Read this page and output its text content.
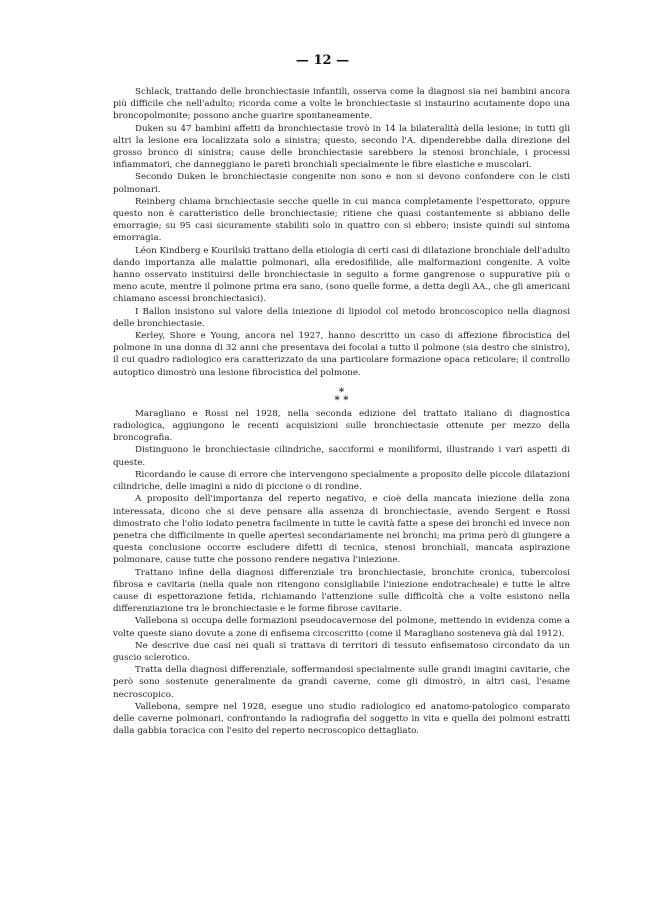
— 12 —

Schlack, trattando delle bronchiectasie infantili, osserva come la diagnosi sia nei bambini ancora più difficile che nell'adulto; ricorda come a volte le bronchiectasie si instaurino acutamente dopo una broncopolmonite; possono anche guarire spontaneamente.

Duken su 47 bambini affetti da bronchiectasie trovò in 14 la bilateralità della lesione; in tutti gli altri la lesione era localizzata solo a sinistra; questo, secondo l'A. dipenderebbe dalla direzione del grosso bronco di sinistra; cause delle bronchiectasie sarebbero la stenosi bronchiale, i processi infiammatori, che danneggiano le pareti bronchiali specialmente le fibre elastiche e muscolari.

Secondo Duken le bronchiectasie congenite non sono e non si devono confondere con le cisti polmonari.

Reinberg chiama brnchiectasie secche quelle in cui manca completamente l'espettorato, oppure questo non è caratteristico delle bronchiectasie; ritiene che quasi costantemente si abbiano delle emorragie; su 95 casi sicuramente stabiliti solo in quattro con si ebbero; insiste quindi sul sintoma emorragia.

Léon Kindberg e Kourilski trattano della etiologia di certi casi di dilatazione bronchiale dell'adulto dando importanza alle malattie polmonari, alla eredosifilide, alle malformazioni congenite. A volte hanno osservato instituirsi delle bronchiectasie in seguito a forme gangrenose o suppurative più o meno acute, mentre il polmone prima era sano, (sono quelle forme, a detta degli AA., che gli americani chiamano ascessi bronchiectasici).

I Ballon insistono sul valore della iniezione di lipiodol col metodo broncoscopico nella diagnosi delle bronchiectasie.

Kerley, Shore e Young, ancora nel 1927, hanno descritto un caso di affezione fibrocistica del polmone in una donna di 32 anni che presentava dei focolai a tutto il polmone (sia destro che sinistro), il cui quadro radiologico era caratterizzato da una particolare formazione opaca reticolare; il controllo autoptico dimostrò una lesione fibrocistica del polmone.

*
* *

Maragliano e Rossi nel 1928, nella seconda edizione del trattato italiano di diagnostica radiologica, aggiungono le recenti acquisizioni sulle bronchiectasie ottenute per mezzo della broncografia.

Distinguono le bronchiectasie cilindriche, sacciformi e moniliformi, illustrando i vari aspetti di queste.

Ricordando le cause di errore che intervengono specialmente a proposito delle piccole dilatazioni cilindriche, delle imagini a nido di piccione o di rondine.

A proposito dell'importanza del reperto negativo, e cioè della mancata iniezione della zona interessata, dicono che si deve pensare alla assenza di bronchiectasie, avendo Sergent e Rossi dimostrato che l'olio iodato penetra facilmente in tutte le cavità fatte a spese dei bronchi ed invece non penetra che difficilmente in quelle apertesi secondariamente nei bronchi; ma prima però di giungere a questa conclusione occorre escludere difetti di tecnica, stenosi bronchiali, mancata aspirazione polmonare, cause tutte che possono rendere negativa l'iniezione.

Trattano infine della diagnosi differenziale tra bronchiectasie, bronchite cronica, tubercolosi fibrosa e cavitaria (nella quale non ritengono consigliabile l'iniezione endotracheale) e tutte le altre cause di espettorazione fetida, richiamando l'attenzione sulle difficoltà che a volte esistono nella differenziazione tra le bronchiectasie e le forme fibrose cavitarie.

Vallebona si occupa delle formazioni pseudocavernose del polmone, mettendo in evidenza come a volte queste siano dovute a zone di enfisema circoscritto (come il Maragliano sosteneva già dal 1912).

Ne descrive due casi nei quali si trattava di territori di tessuto enfisematoso circondato da un guscio sclerotico.

Tratta della diagnosi differenziale, soffermandosi specialmente sulle grandi imagini cavitarie, che però sono sostenute generalmente da grandi caverne, come gli dimostrò, in altri casi, l'esame necroscopico.

Vallebona, sempre nel 1928, esegue uno studio radiologico ed anatomo-patologico comparato delle caverne polmonari, confrontando la radiografia del soggetto in vita e quella dei polmoni estratti dalla gabbia toracica con l'esito del reperto necroscopico dettagliato.
